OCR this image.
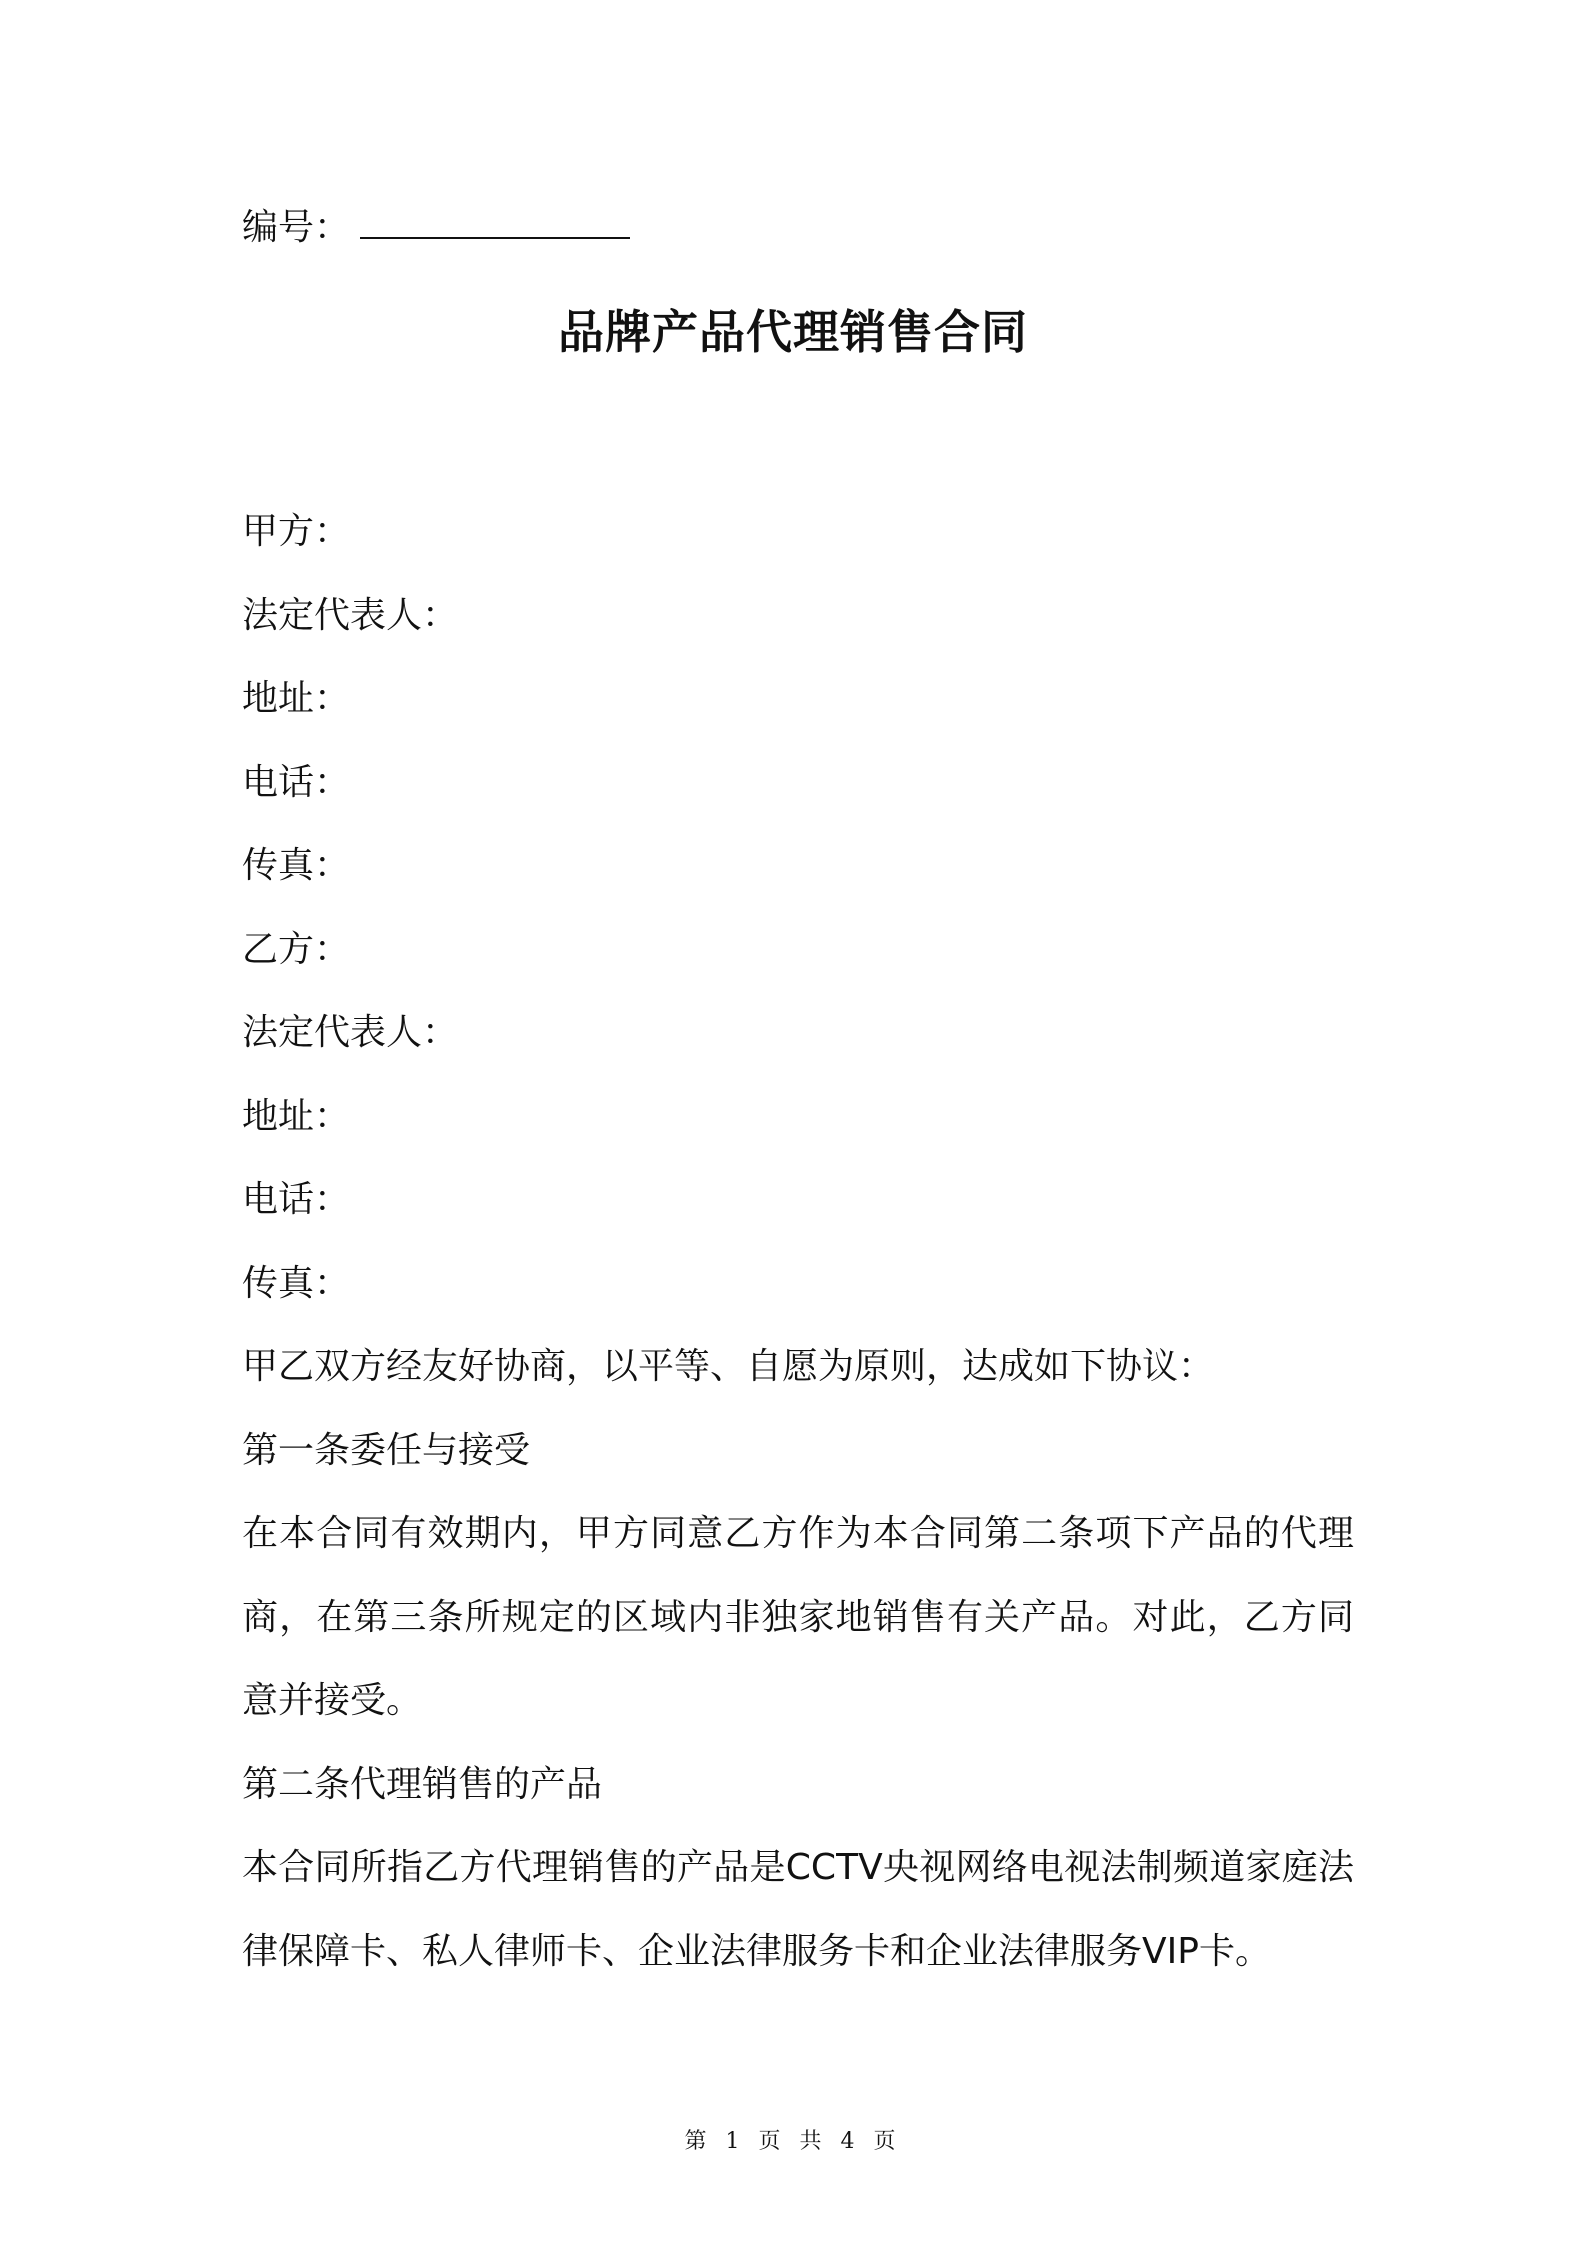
编号：
品牌产品代理销售合同
甲方：
法定代表人：
地址：
电话：
传真：
乙方：
法定代表人：
地址：
电话：
传真：
甲乙双方经友好协商，以平等、自愿为原则，达成如下协议：
第一条委任与接受
在本合同有效期内，甲方同意乙方作为本合同第二条项下产品的代理商，在第三条所规定的区域内非独家地销售有关产品。对此，乙方同意并接受。
第二条代理销售的产品
本合同所指乙方代理销售的产品是CCTV央视网络电视法制频道家庭法律保障卡、私人律师卡、企业法律服务卡和企业法律服务VIP卡。
第 1 页 共 4 页
